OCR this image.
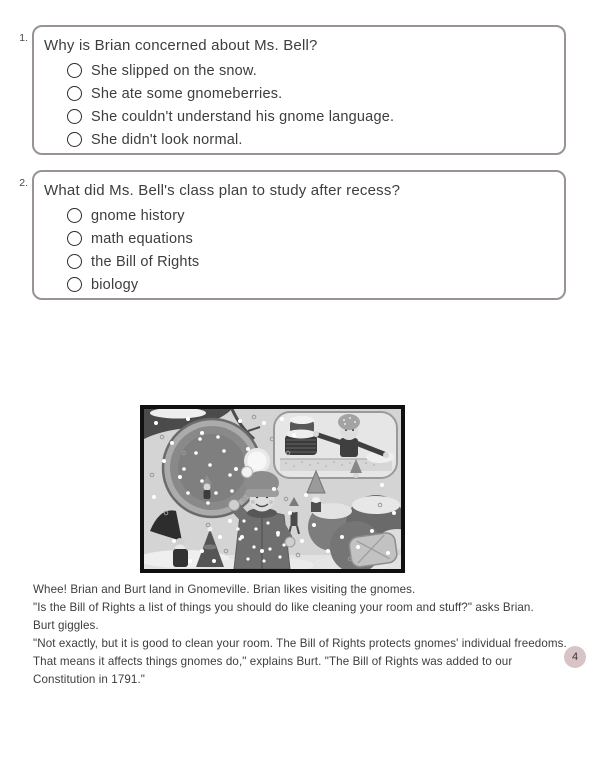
1. Why is Brian concerned about Ms. Bell?
She slipped on the snow.
She ate some gnomeberries.
She couldn't understand his gnome language.
She didn't look normal.
2. What did Ms. Bell's class plan to study after recess?
gnome history
math equations
the Bill of Rights
biology

Whee! Brian and Burt land in Gnomeville. Brian likes visiting the gnomes.

"Is the Bill of Rights a list of things you should do like cleaning your room and stuff?" asks Brian.

Burt giggles.

"Not exactly, but it is good to clean your room. The Bill of Rights protects gnomes' individual freedoms. That means it affects things gnomes do," explains Burt. "The Bill of Rights was added to our Constitution in 1791."

4
